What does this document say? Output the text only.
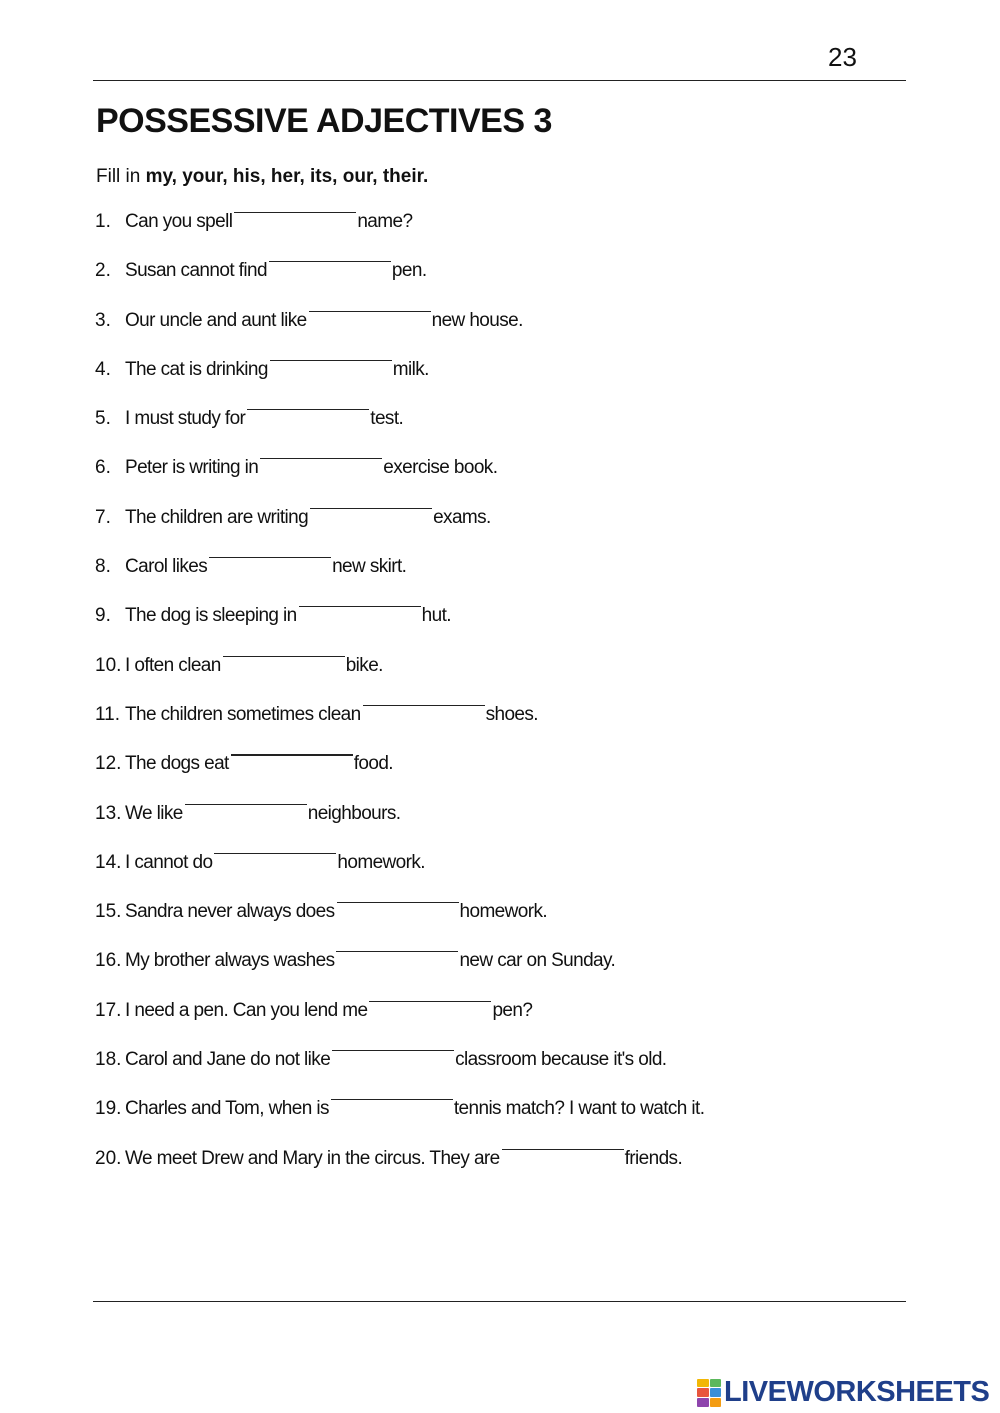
23
POSSESSIVE ADJECTIVES 3

Fill in my, your, his, her, its, our, their.

1. Can you spell	name?
2. Susan cannot find	pen.
3. Our uncle and aunt like	new house.
4. The cat is drinking	milk.
5. I must study for	test.
6. Peter is writing in	exercise book.
7. The children are writing	exams.
8. Carol likes	new skirt.
9. The dog is sleeping in	hut.
10. I often clean	bike.
11. The children sometimes clean	shoes.
12. The dogs eat	food.
13. We like	neighbours.
14. I cannot do	homework.
15. Sandra never always does	homework.
16. My brother always washes	new car on Sunday.
17. I need a pen. Can you lend me	pen?
18. Carol and Jane do not like	classroom because it's old.
19. Charles and Tom, when is	tennis match? I want to watch it.
20. We meet Drew and Mary in the circus. They are	friends.
LIVEWORKSHEETS
